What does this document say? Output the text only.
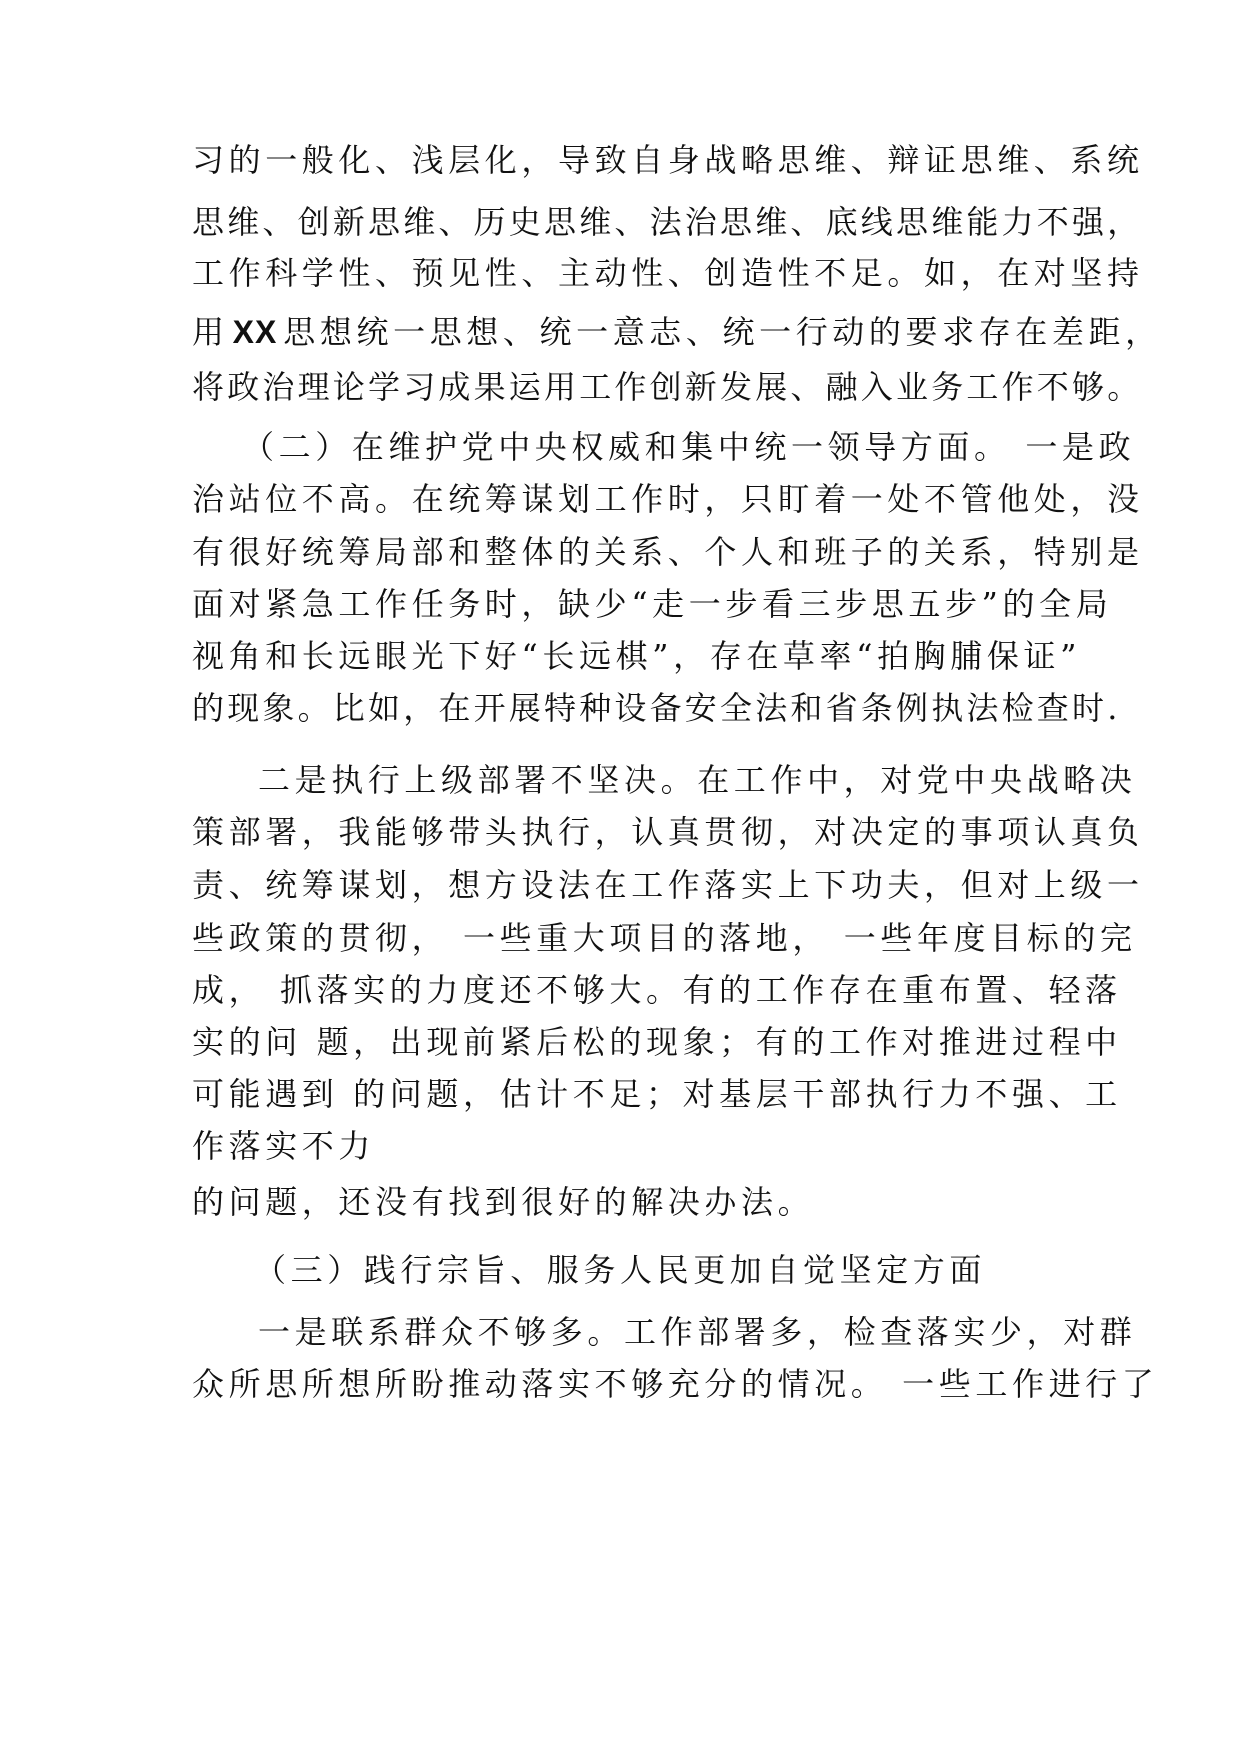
习的一般化、浅层化，导致自身战略思维、辩证思维、系统
思维、创新思维、历史思维、法治思维、底线思维能力不强，
工作科学性、预见性、主动性、创造性不足。如，在对坚持
用 XX 思想统一思想、统一意志、统一行动的要求存在差距，
将政治理论学习成果运用工作创新发展、融入业务工作不够。
（二）在维护党中央权威和集中统一领导方面。 一是政
治站位不高。在统筹谋划工作时，只盯着一处不管他处，没
有很好统筹局部和整体的关系、个人和班子的关系，特别是
面对紧急工作任务时，缺少“走一步看三步思五步”的全局
视角和长远眼光下好“长远棋”，存在草率“拍胸脯保证”
的现象。比如，在开展特种设备安全法和省条例执法检查时.
二是执行上级部署不坚决。在工作中，对党中央战略决
策部署，我能够带头执行，认真贯彻，对决定的事项认真负
责、统筹谋划，想方设法在工作落实上下功夫，但对上级一
些政策的贯彻， 一些重大项目的落地， 一些年度目标的完
成， 抓落实的力度还不够大。有的工作存在重布置、轻落
实的问 题，出现前紧后松的现象；有的工作对推进过程中
可能遇到 的问题，估计不足；对基层干部执行力不强、工
作落实不力
的问题，还没有找到很好的解决办法。
（三）践行宗旨、服务人民更加自觉坚定方面
一是联系群众不够多。工作部署多，检查落实少，对群
众所思所想所盼推动落实不够充分的情况。 一些工作进行了
